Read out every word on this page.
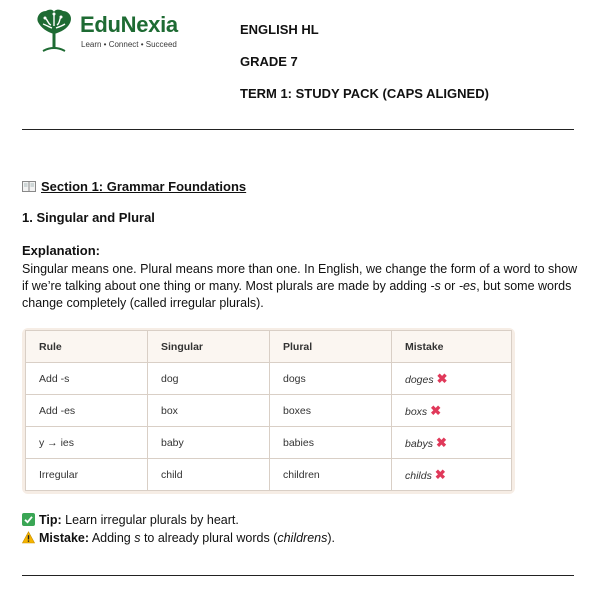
EduNexia
Learn • Connect • Succeed
ENGLISH HL
GRADE 7
TERM 1: STUDY PACK (CAPS ALIGNED)
Section 1: Grammar Foundations
1. Singular and Plural
Explanation:
Singular means one. Plural means more than one. In English, we change the form of a word to show if we’re talking about one thing or many. Most plurals are made by adding -s or -es, but some words change completely (called irregular plurals).
Rule	Singular	Plural	Mistake
Add -s	dog	dogs	doges ✖
Add -es	box	boxes	boxs ✖
y → ies	baby	babies	babys ✖
Irregular	child	children	childs ✖
Tip: Learn irregular plurals by heart.
Mistake: Adding s to already plural words (childrens).
